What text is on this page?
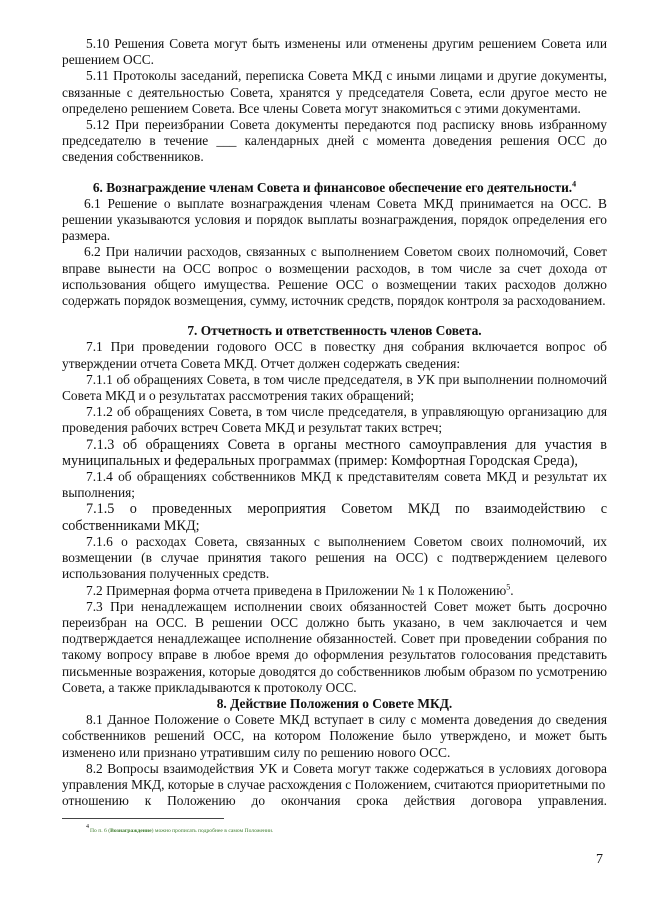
5.10 Решения Совета могут быть изменены или отменены другим решением Совета или решением ОСС.

5.11 Протоколы заседаний, переписка Совета МКД с иными лицами и другие документы, связанные с деятельностью Совета, хранятся у председателя Совета, если другое место не определено решением Совета. Все члены Совета могут знакомиться с этими документами.

5.12 При переизбрании Совета документы передаются под расписку вновь избранному председателю в течение ___ календарных дней с момента доведения решения ОСС до сведения собственников.

6. Вознаграждение членам Совета и финансовое обеспечение его деятельности.$^4$

6.1 Решение о выплате вознаграждения членам Совета МКД принимается на ОСС. В решении указываются условия и порядок выплаты вознаграждения, порядок определения его размера.

6.2 При наличии расходов, связанных с выполнением Советом своих полномочий, Совет вправе вынести на ОСС вопрос о возмещении расходов, в том числе за счет дохода от использования общего имущества. Решение ОСС о возмещении таких расходов должно содержать порядок возмещения, сумму, источник средств, порядок контроля за расходованием.

7. Отчетность и ответственность членов Совета.

7.1 При проведении годового ОСС в повестку дня собрания включается вопрос об утверждении отчета Совета МКД. Отчет должен содержать сведения:

7.1.1 об обращениях Совета, в том числе председателя, в УК при выполнении полномочий Совета МКД и о результатах рассмотрения таких обращений;

7.1.2 об обращениях Совета, в том числе председателя, в управляющую организацию для проведения рабочих встреч Совета МКД и результат таких встреч;

7.1.3 об обращениях Совета в органы местного самоуправления для участия в муниципальных и федеральных программах (пример: Комфортная Городская Среда),

7.1.4 об обращениях собственников МКД к представителям совета МКД и результат их выполнения;

7.1.5 о проведенных мероприятия Советом МКД по взаимодействию с

собственниками МКД;

7.1.6 о расходах Совета, связанных с выполнением Советом своих полномочий, их возмещении (в случае принятия такого решения на ОСС) с подтверждением целевого использования полученных средств.

7.2 Примерная форма отчета приведена в Приложении № 1 к Положению$^5$.

7.3 При ненадлежащем исполнении своих обязанностей Совет может быть досрочно переизбран на ОСС. В решении ОСС должно быть указано, в чем заключается и чем подтверждается ненадлежащее исполнение обязанностей. Совет при проведении собрания по такому вопросу вправе в любое время до оформления результатов голосования представить письменные возражения, которые доводятся до собственников любым образом по усмотрению Совета, а также прикладываются к протоколу ОСС.

8. Действие Положения о Совете МКД.

8.1 Данное Положение о Совете МКД вступает в силу с момента доведения до сведения собственников решений ОСС, на котором Положение было утверждено, и может быть изменено или признано утратившим силу по решению нового ОСС.

8.2 Вопросы взаимодействия УК и Совета могут также содержаться в условиях договора управления МКД, которые в случае расхождения с Положением, считаются приоритетными по

отношению к Положению до окончания срока действия договора управления.

4
По п. 6 (Вознаграждение) можно прописать подробнее в самом Положении.
7
